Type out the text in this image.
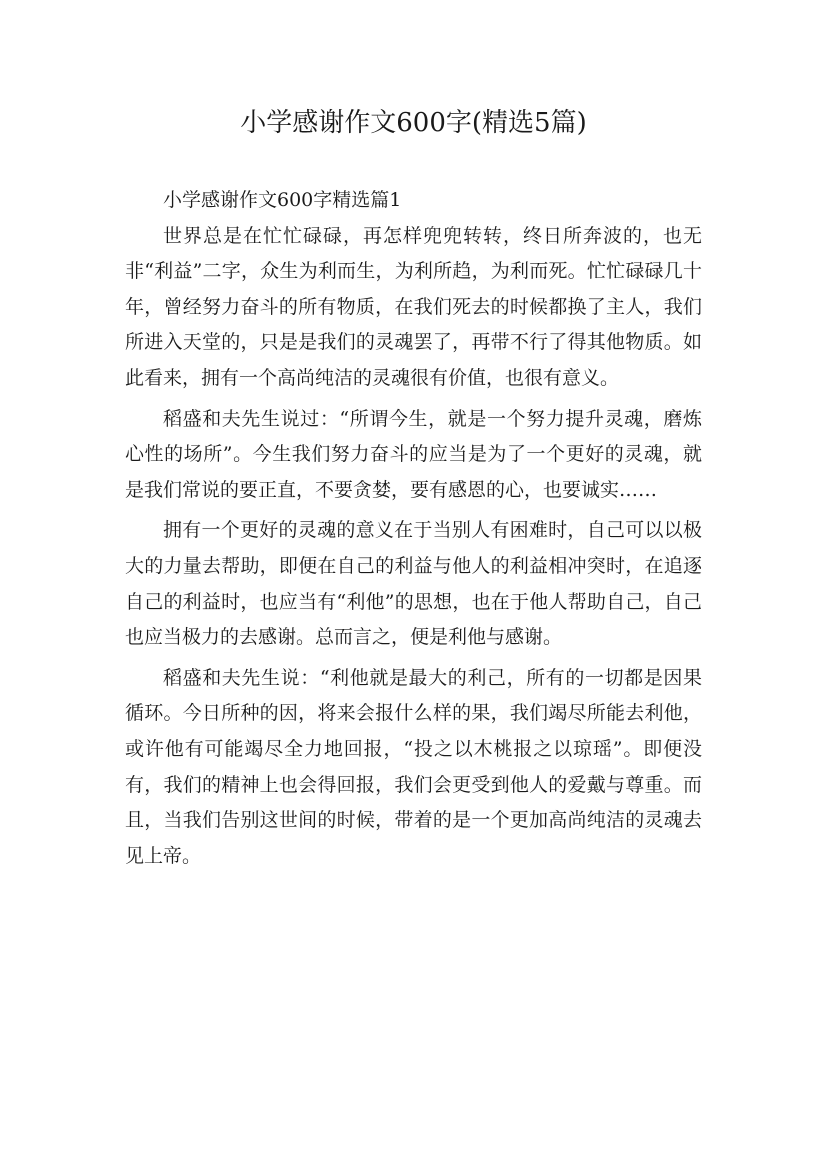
小学感谢作文600字(精选5篇)

小学感谢作文600字精选篇1

世界总是在忙忙碌碌，再怎样兜兜转转，终日所奔波的，也无非“利益”二字，众生为利而生，为利所趋，为利而死。忙忙碌碌几十年，曾经努力奋斗的所有物质，在我们死去的时候都换了主人，我们所进入天堂的，只是是我们的灵魂罢了，再带不行了得其他物质。如此看来，拥有一个高尚纯洁的灵魂很有价值，也很有意义。

稻盛和夫先生说过：“所谓今生，就是一个努力提升灵魂，磨炼心性的场所”。今生我们努力奋斗的应当是为了一个更好的灵魂，就是我们常说的要正直，不要贪婪，要有感恩的心，也要诚实……

拥有一个更好的灵魂的意义在于当别人有困难时，自己可以以极大的力量去帮助，即便在自己的利益与他人的利益相冲突时，在追逐自己的利益时，也应当有“利他”的思想，也在于他人帮助自己，自己也应当极力的去感谢。总而言之，便是利他与感谢。

稻盛和夫先生说：“利他就是最大的利己，所有的一切都是因果循环。今日所种的因，将来会报什么样的果，我们竭尽所能去利他，或许他有可能竭尽全力地回报，“投之以木桃报之以琼瑶”。即便没有，我们的精神上也会得回报，我们会更受到他人的爱戴与尊重。而且，当我们告别这世间的时候，带着的是一个更加高尚纯洁的灵魂去见上帝。
